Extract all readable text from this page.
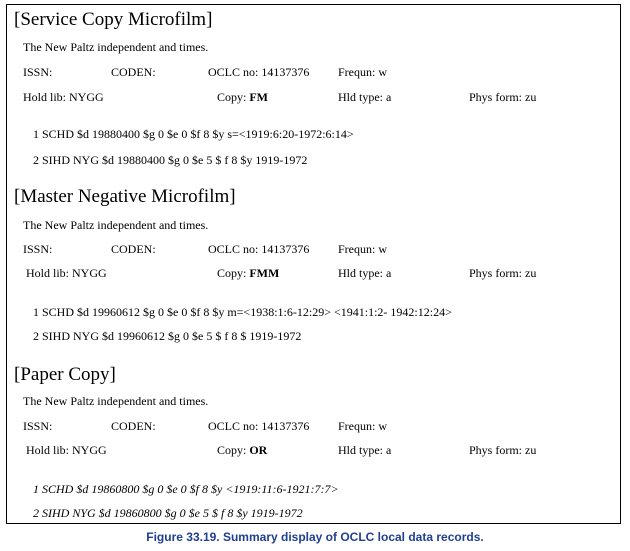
[Service Copy Microfilm]
The New Paltz independent and times.
ISSN:	CODEN:	OCLC no: 14137376 Frequn: w
Hold lib: NYGG	Copy: FM	Hld type: a	Phys form: zu
1 SCHD $d 19880400 $g 0 $e 0 $f 8 $y s=<1919:6:20-1972:6:14>
2 SIHD NYG $d 19880400 $g 0 $e 5 $ f 8 $y 1919-1972
[Master Negative Microfilm]
The New Paltz independent and times.
ISSN:	CODEN:	OCLC no: 14137376 Frequn: w
Hold lib: NYGG	Copy: FMM	Hld type: a	Phys form: zu
1 SCHD $d 19960612 $g 0 $e 0 $f 8 $y m=<1938:1:6-12:29> <1941:1:2- 1942:12:24>
2 SIHD NYG $d 19960612 $g 0 $e 5 $ f 8 $ 1919-1972
[Paper Copy]
The New Paltz independent and times.
ISSN:	CODEN:	OCLC no: 14137376 Frequn: w
Hold lib: NYGG	Copy: OR	Hld type: a	Phys form: zu
1 SCHD $d 19860800 $g 0 $e 0 $f 8 $y <1919:11:6-1921:7:7>
2 SIHD NYG $d 19860800 $g 0 $e 5 $ f 8 $y 1919-1972
Figure 33.19. Summary display of OCLC local data records.
